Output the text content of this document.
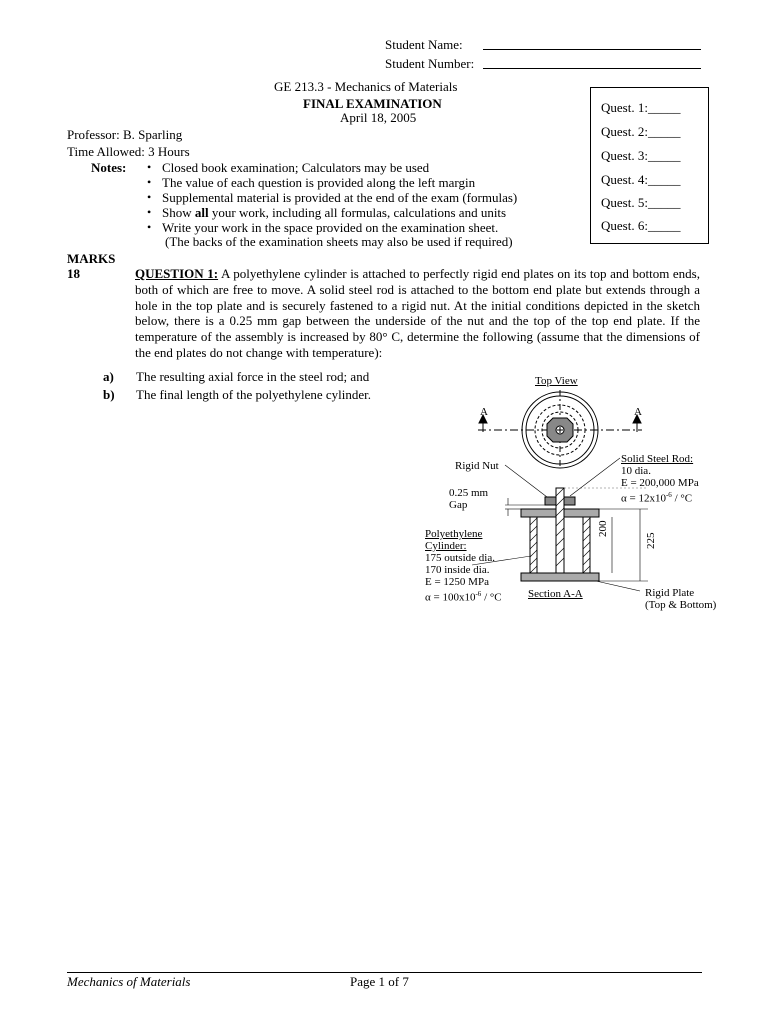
Student Name:
Student Number:
GE 213.3 - Mechanics of Materials
FINAL EXAMINATION
April 18, 2005
Quest. 1:_____
Quest. 2:_____
Quest. 3:_____
Quest. 4:_____
Quest. 5:_____
Quest. 6:_____
Professor: B. Sparling
Time Allowed: 3 Hours
Notes: • Closed book examination; Calculators may be used
• The value of each question is provided along the left margin
• Supplemental material is provided at the end of the exam (formulas)
• Show all your work, including all formulas, calculations and units
• Write your work in the space provided on the examination sheet.
(The backs of the examination sheets may also be used if required)
MARKS
18	QUESTION 1: A polyethylene cylinder is attached to perfectly rigid end plates on its top and bottom ends, both of which are free to move. A solid steel rod is attached to the bottom end plate but extends through a hole in the top plate and is securely fastened to a rigid nut. At the initial conditions depicted in the sketch below, there is a 0.25 mm gap between the underside of the nut and the top of the top end plate. If the temperature of the assembly is increased by 80° C, determine the following (assume that the dimensions of the end plates do not change with temperature):
a) The resulting axial force in the steel rod; and
b) The final length of the polyethylene cylinder.
Top View
A	A
Rigid Nut
0.25 mm
Gap
Solid Steel Rod:
10 dia.
E = 200,000 MPa
$\alpha = 12x10^{-6} / ^\circ C$
Polyethylene
Cylinder:
175 outside dia.
170 inside dia.
E = 1250 MPa
$\alpha = 100x10^{-6} / ^\circ C$ Section A-A
200
225
Rigid Plate
(Top & Bottom)
Mechanics of Materials	Page 1 of 7
